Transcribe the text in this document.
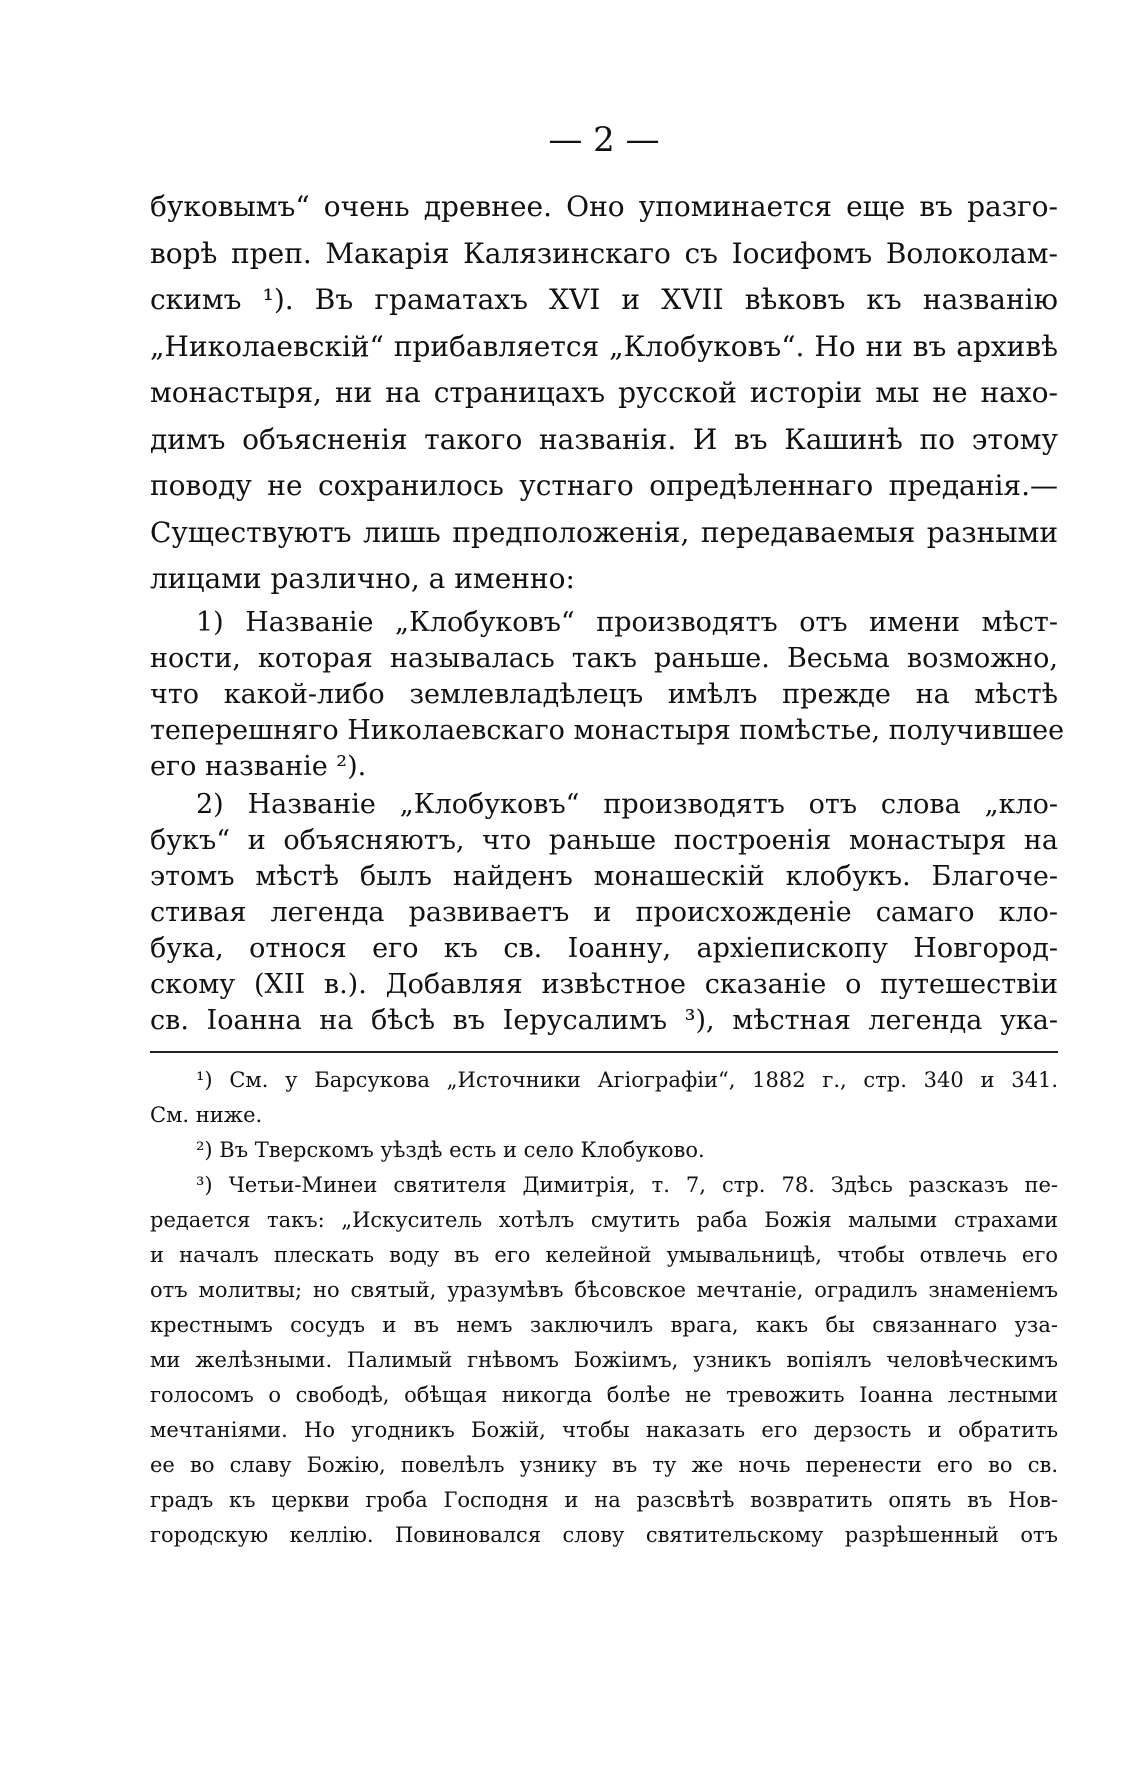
— 2 —
буковымъ“ очень древнее. Оно упоминается еще въ разго-
ворѣ преп. Макарія Калязинскаго съ Іосифомъ Волоколам-
скимъ ¹). Въ граматахъ XVI и XVII вѣковъ къ названію
„Николаевскій“ прибавляется „Клобуковъ“. Но ни въ архивѣ
монастыря, ни на страницахъ русской исторіи мы не нахо-
димъ объясненія такого названія. И въ Кашинѣ по этому
поводу не сохранилось устнаго опредѣленнаго преданія.—
Существуютъ лишь предположенія, передаваемыя разными
лицами различно, а именно:
1) Названіе „Клобуковъ“ производятъ отъ имени мѣст-
ности, которая называлась такъ раньше. Весьма возможно,
что какой-либо землевладѣлецъ имѣлъ прежде на мѣстѣ
теперешняго Николаевскаго монастыря помѣстье, получившее
его названіе ²).
2) Названіе „Клобуковъ“ производятъ отъ слова „кло-
букъ“ и объясняютъ, что раньше построенія монастыря на
этомъ мѣстѣ былъ найденъ монашескій клобукъ. Благоче-
стивая легенда развиваетъ и происхожденіе самаго кло-
бука, относя его къ св. Іоанну, архіепископу Новгород-
скому (XII в.). Добавляя извѣстное сказаніе о путешествіи
св. Іоанна на бѣсѣ въ Іерусалимъ ³), мѣстная легенда ука-
¹) См. у Барсукова „Источники Агіографіи“, 1882 г., стр. 340 и 341.
См. ниже.
²) Въ Тверскомъ уѣздѣ есть и село Клобуково.
³) Четьи-Минеи святителя Димитрія, т. 7, стр. 78. Здѣсь разсказъ пе-
редается такъ: „Искуситель хотѣлъ смутить раба Божія малыми страхами
и началъ плескать воду въ его келейной умывальницѣ, чтобы отвлечь его
отъ молитвы; но святый, уразумѣвъ бѣсовское мечтаніе, оградилъ знаменіемъ
крестнымъ сосудъ и въ немъ заключилъ врага, какъ бы связаннаго уза-
ми желѣзными. Палимый гнѣвомъ Божіимъ, узникъ вопіялъ человѣческимъ
голосомъ о свободѣ, обѣщая никогда болѣе не тревожить Іоанна лестными
мечтаніями. Но угодникъ Божій, чтобы наказать его дерзость и обратить
ее во славу Божію, повелѣлъ узнику въ ту же ночь перенести его во св.
градъ къ церкви гроба Господня и на разсвѣтѣ возвратить опять въ Нов-
городскую келлію. Повиновался слову святительскому разрѣшенный отъ
